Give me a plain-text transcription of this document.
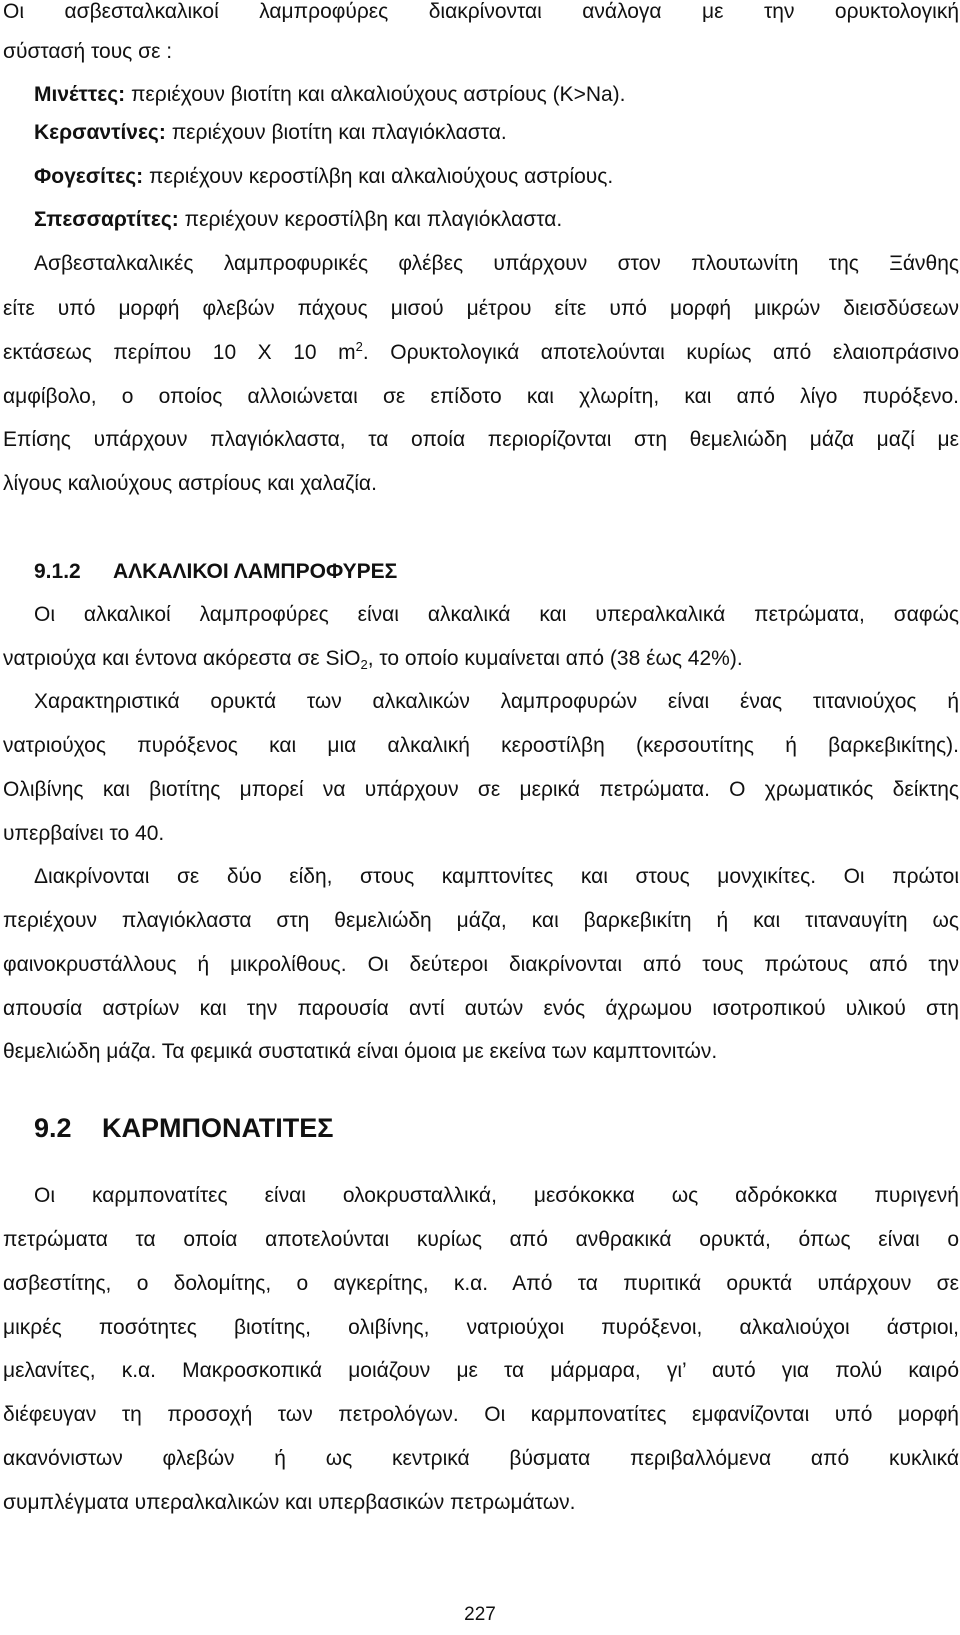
Οι ασβεσταλκαλικοί λαμπροφύρες διακρίνονται ανάλογα με την ορυκτολογική
σύστασή τους σε :
Μινέττες: περιέχουν βιοτίτη και αλκαλιούχους αστρίους (K>Na).
Κερσαντίνες: περιέχουν βιοτίτη και πλαγιόκλαστα.
Φογεσίτες: περιέχουν κεροστίλβη και αλκαλιούχους αστρίους.
Σπεσσαρτίτες: περιέχουν κεροστίλβη και πλαγιόκλαστα.
Ασβεσταλκαλικές λαμπροφυρικές φλέβες υπάρχουν στον πλουτωνίτη της Ξάνθης
είτε υπό μορφή φλεβών πάχους μισού μέτρου είτε υπό μορφή μικρών διεισδύσεων
εκτάσεως περίπου 10 Χ 10 $m^2$. Ορυκτολογικά αποτελούνται κυρίως από ελαιοπράσινο
αμφίβολο, ο οποίος αλλοιώνεται σε επίδοτο και χλωρίτη, και από λίγο πυρόξενο.
Επίσης υπάρχουν πλαγιόκλαστα, τα οποία περιορίζονται στη θεμελιώδη μάζα μαζί με
λίγους καλιούχους αστρίους και χαλαζία.
9.1.2 ΑΛΚΑΛΙΚΟΙ ΛΑΜΠΡΟΦΥΡΕΣ
Οι αλκαλικοί λαμπροφύρες είναι αλκαλικά και υπεραλκαλικά πετρώματα, σαφώς
νατριούχα και έντονα ακόρεστα σε SiO$_2$, το οποίο κυμαίνεται από (38 έως 42%).
Χαρακτηριστικά ορυκτά των αλκαλικών λαμπροφυρών είναι ένας τιτανιούχος ή
νατριούχος πυρόξενος και μια αλκαλική κεροστίλβη (κερσουτίτης ή βαρκεβικίτης).
Ολιβίνης και βιοτίτης μπορεί να υπάρχουν σε μερικά πετρώματα. Ο χρωματικός δείκτης
υπερβαίνει το 40.
Διακρίνονται σε δύο είδη, στους καμπτονίτες και στους μονχικίτες. Οι πρώτοι
περιέχουν πλαγιόκλαστα στη θεμελιώδη μάζα, και βαρκεβικίτη ή και τιταναυγίτη ως
φαινοκρυστάλλους ή μικρολίθους. Οι δεύτεροι διακρίνονται από τους πρώτους από την
απουσία αστρίων και την παρουσία αντί αυτών ενός άχρωμου ισοτροπικού υλικού στη
θεμελιώδη μάζα. Τα φεμικά συστατικά είναι όμοια με εκείνα των καμπτονιτών.
9.2 ΚΑΡΜΠΟΝΑΤΙΤΕΣ
Οι καρμπονατίτες είναι ολοκρυσταλλικά, μεσόκοκκα ως αδρόκοκκα πυριγενή
πετρώματα τα οποία αποτελούνται κυρίως από ανθρακικά ορυκτά, όπως είναι ο
ασβεστίτης, ο δολομίτης, ο αγκερίτης, κ.α. Από τα πυριτικά ορυκτά υπάρχουν σε
μικρές ποσότητες βιοτίτης, ολιβίνης, νατριούχοι πυρόξενοι, αλκαλιούχοι άστριοι,
μελανίτες, κ.α. Μακροσκοπικά μοιάζουν με τα μάρμαρα, γι’ αυτό για πολύ καιρό
διέφευγαν τη προσοχή των πετρολόγων. Οι καρμπονατίτες εμφανίζονται υπό μορφή
ακανόνιστων φλεβών ή ως κεντρικά βύσματα περιβαλλόμενα από κυκλικά
συμπλέγματα υπεραλκαλικών και υπερβασικών πετρωμάτων.
227
